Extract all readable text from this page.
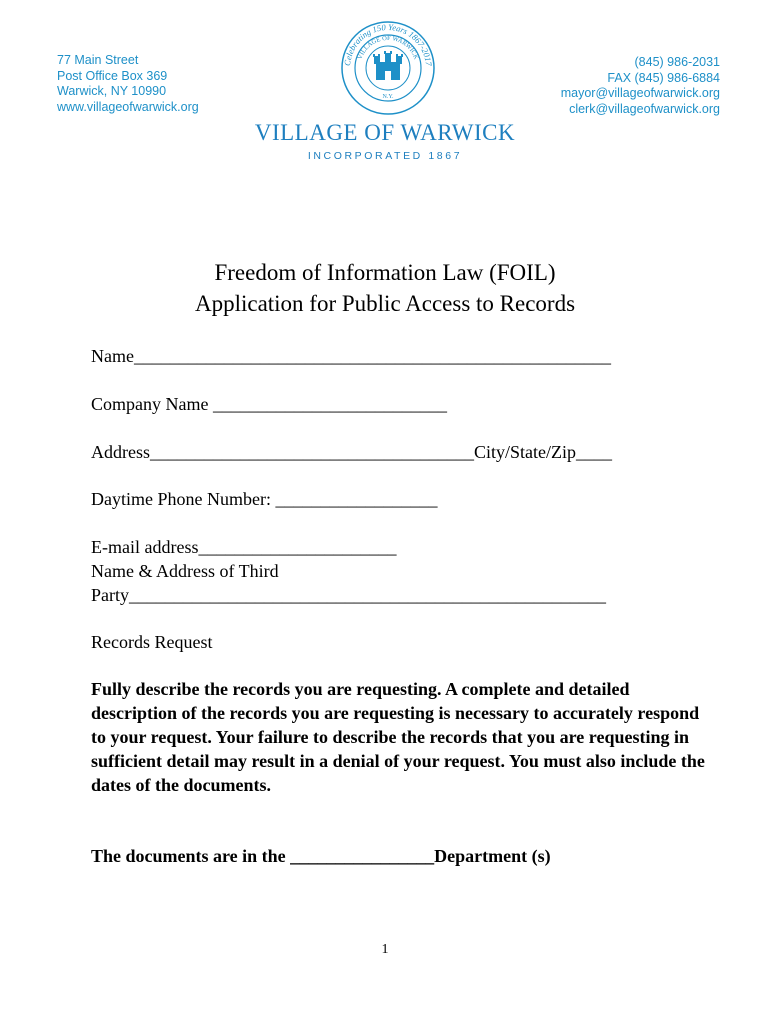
77 Main Street
Post Office Box 369
Warwick, NY 10990
www.villageofwarwick.org
Celebrating 150 Years 1867-2017
VILLAGE OF WARWICK
N.Y.
(845) 986-2031
FAX (845) 986-6884
mayor@villageofwarwick.org
clerk@villageofwarwick.org
VILLAGE OF WARWICK
INCORPORATED 1867
Freedom of Information Law (FOIL)
Application for Public Access to Records
Name_____________________________________________________
Company Name __________________________
Address____________________________________City/State/Zip____
Daytime Phone Number: __________________
E-mail address______________________
Name & Address of Third
Party_____________________________________________________
Records Request
Fully describe the records you are requesting. A complete and detailed description of the records you are requesting is necessary to accurately respond to your request. Your failure to describe the records that you are requesting in sufficient detail may result in a denial of your request. You must also include the dates of the documents.
The documents are in the ________________Department (s)
1
